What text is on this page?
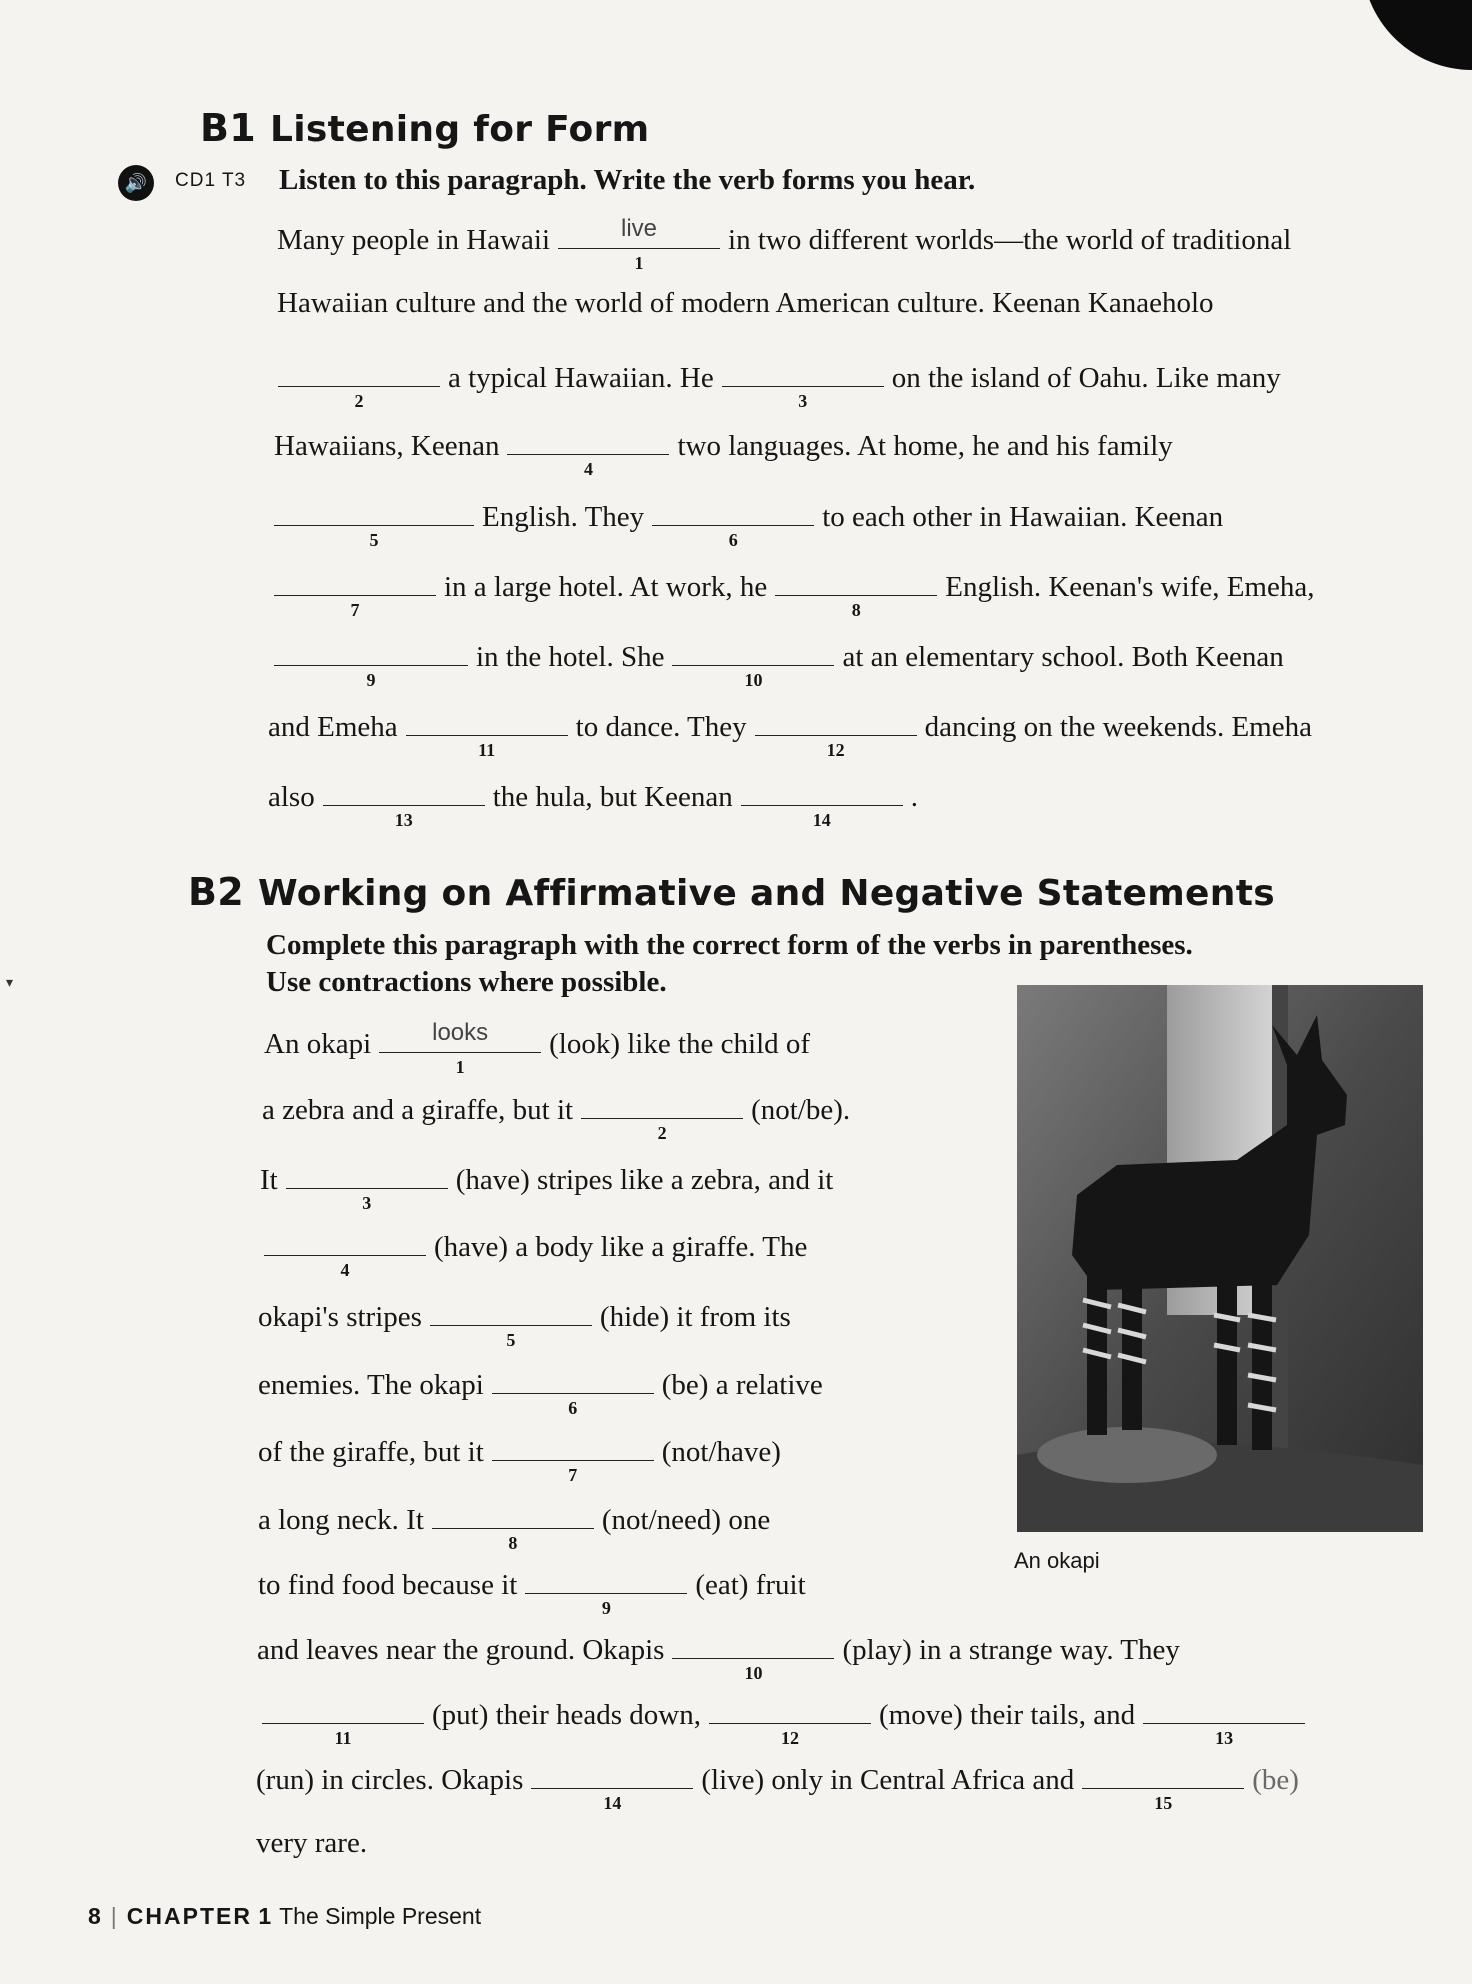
▾
B1 Listening for Form
🔊	CD1 T3 Listen to this paragraph. Write the verb forms you hear.
Many people in Hawaii	live
1
in two different worlds—the world of traditional
Hawaiian culture and the world of modern American culture. Keenan Kanaeholo
2
a typical Hawaiian. He
3
on the island of Oahu. Like many
Hawaiians, Keenan
4
two languages. At home, he and his family
5
English. They
6
to each other in Hawaiian. Keenan
7
in a large hotel. At work, he
8
English. Keenan's wife, Emeha,
9
in the hotel. She
10
at an elementary school. Both Keenan
and Emeha
11
to dance. They
12
dancing on the weekends. Emeha
also
13
the hula, but Keenan
14
.
B2 Working on Affirmative and Negative Statements
Complete this paragraph with the correct form of the verbs in parentheses.
Use contractions where possible.
An okapi	looks
1
(look) like the child of
a zebra and a giraffe, but it
2
(not/be).
It
3
(have) stripes like a zebra, and it
4
(have) a body like a giraffe. The
okapi's stripes
5
(hide) it from its
enemies. The okapi
6
(be) a relative
of the giraffe, but it
7
(not/have)
a long neck. It
8
(not/need) one
to find food because it
9
(eat) fruit
and leaves near the ground. Okapis
10
(play) in a strange way. They
11
(put) their heads down,
12
(move) their tails, and
13
(run) in circles. Okapis
14
(live) only in Central Africa and
15
(be)
very rare.
An okapi
8 | CHAPTER 1 The Simple Present
